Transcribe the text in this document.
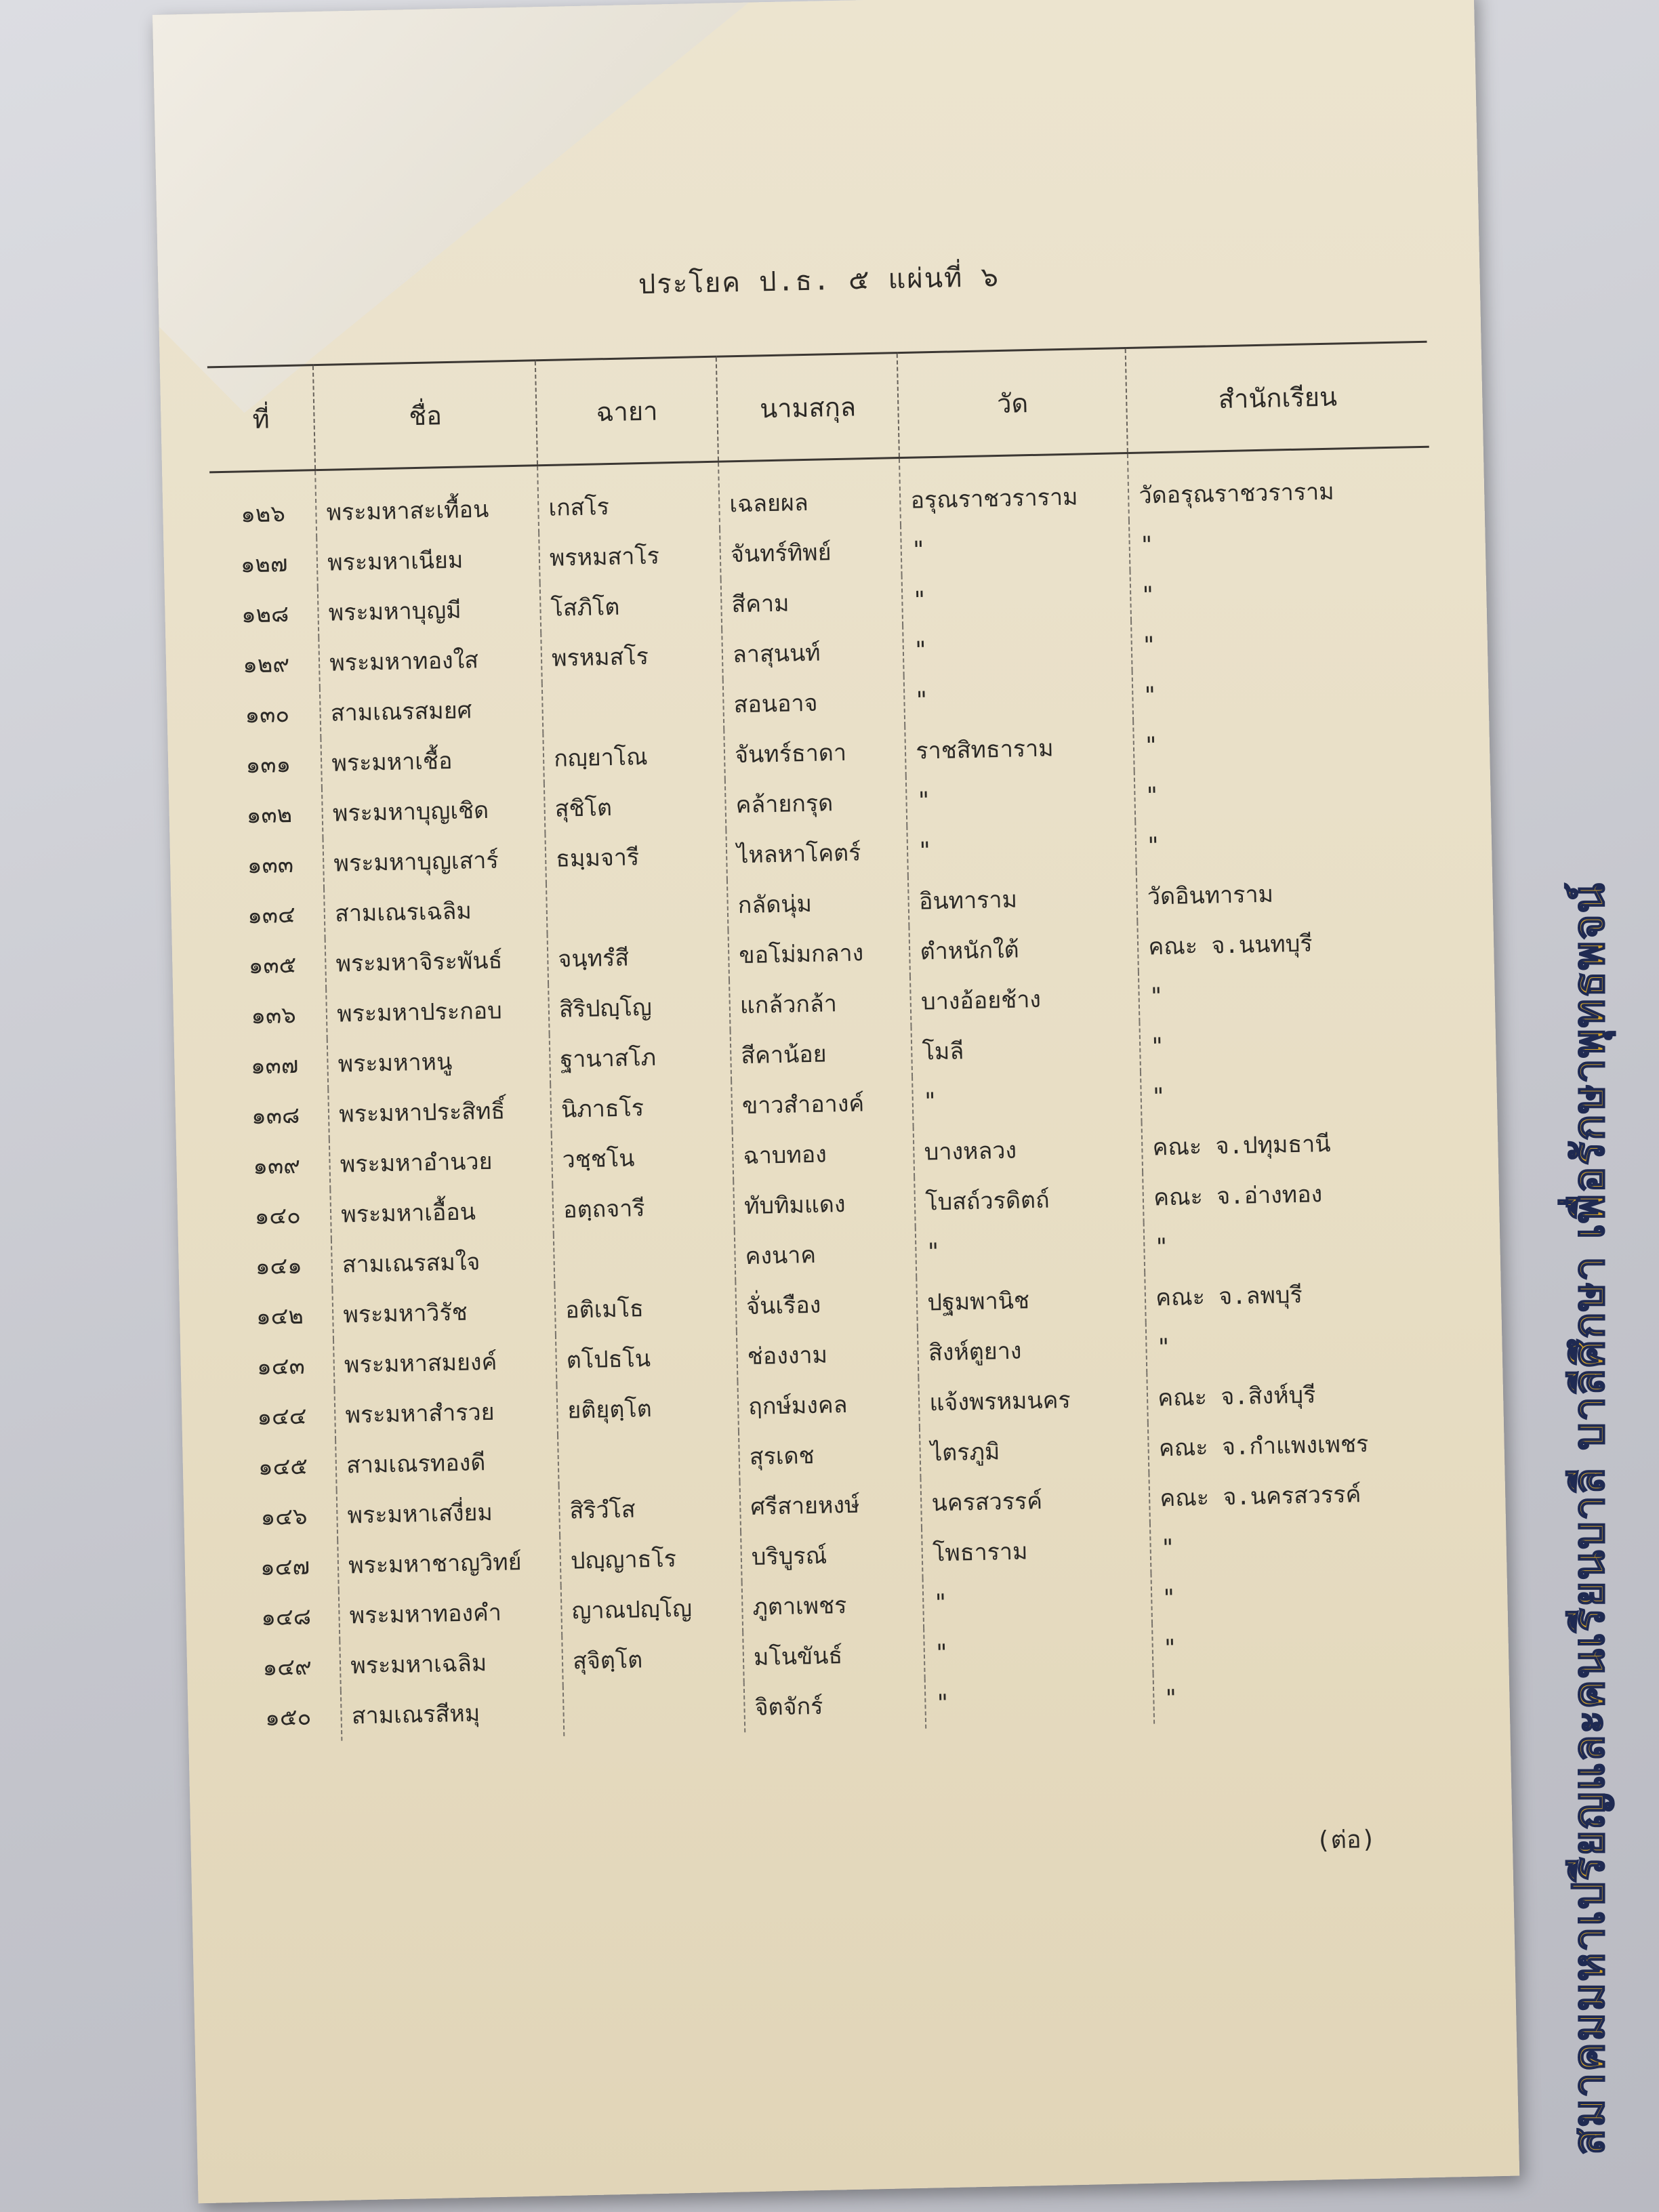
ประโยค ป.ธ. ๕ แผ่นที่ ๖
ที่	ชื่อ	ฉายา	นามสกุล	วัด	สำนักเรียน
๑๒๖	พระมหาสะเทื้อน	เกสโร	เฉลยผล	อรุณราชวราราม	วัดอรุณราชวราราม
๑๒๗	พระมหาเนียม	พรหมสาโร	จันทร์ทิพย์	"	"
๑๒๘	พระมหาบุญมี	โสภิโต	สีคาม	"	"
๑๒๙	พระมหาทองใส	พรหมสโร	ลาสุนนท์	"	"
๑๓๐	สามเณรสมยศ		สอนอาจ	"	"
๑๓๑	พระมหาเชื้อ	กญฺยาโณ	จันทร์ธาดา	ราชสิทธาราม	"
๑๓๒	พระมหาบุญเชิด	สุชิโต	คล้ายกรุด	"	"
๑๓๓	พระมหาบุญเสาร์	ธมฺมจารี	ไหลหาโคตร์	"	"
๑๓๔	สามเณรเฉลิม		กลัดนุ่ม	อินทาราม	วัดอินทาราม
๑๓๕	พระมหาจิระพันธ์	จนฺทรํสี	ขอโม่มกลาง	ตำหนักใต้	คณะ จ.นนทบุรี
๑๓๖	พระมหาประกอบ	สิริปญฺโญ	แกล้วกล้า	บางอ้อยช้าง	"
๑๓๗	พระมหาหนู	ฐานาสโภ	สีคาน้อย	โมลี	"
๑๓๘	พระมหาประสิทธิ์	นิภาธโร	ขาวสำอางค์	"	"
๑๓๙	พระมหาอำนวย	วชฺชโน	ฉาบทอง	บางหลวง	คณะ จ.ปทุมธานี
๑๔๐	พระมหาเอื้อน	อตฺถจารี	ทับทิมแดง	โบสถ์วรดิตถ์	คณะ จ.อ่างทอง
๑๔๑	สามเณรสมใจ		คงนาค	"	"
๑๔๒	พระมหาวิรัช	อติเมโธ	จั่นเรือง	ปฐมพานิช	คณะ จ.ลพบุรี
๑๔๓	พระมหาสมยงค์	ตโปธโน	ช่องงาม	สิงห์ตูยาง	"
๑๔๔	พระมหาสำรวย	ยติยุตฺโต	ฤกษ์มงคล	แจ้งพรหมนคร	คณะ จ.สิงห์บุรี
๑๔๕	สามเณรทองดี		สุรเดช	ไตรภูมิ	คณะ จ.กำแพงเพชร
๑๔๖	พระมหาเสงี่ยม	สิริวํโส	ศรีสายหงษ์	นครสวรรค์	คณะ จ.นครสวรรค์
๑๔๗	พระมหาชาญวิทย์	ปญฺญาธโร	บริบูรณ์	โพธาราม	"
๑๔๘	พระมหาทองคำ	ญาณปญฺโญ	ภูตาเพชร	"	"
๑๔๙	พระมหาเฉลิม	สุจิตฺโต	มโนขันธ์	"	"
๑๕๐	สามเณรสีหมุ		จิตจักร์	"	"
(ต่อ)	สมาคมมหาเปรียญและคนเรียนบาลี บาลีศึกษา เพื่อรักษาพุทธพจน์
